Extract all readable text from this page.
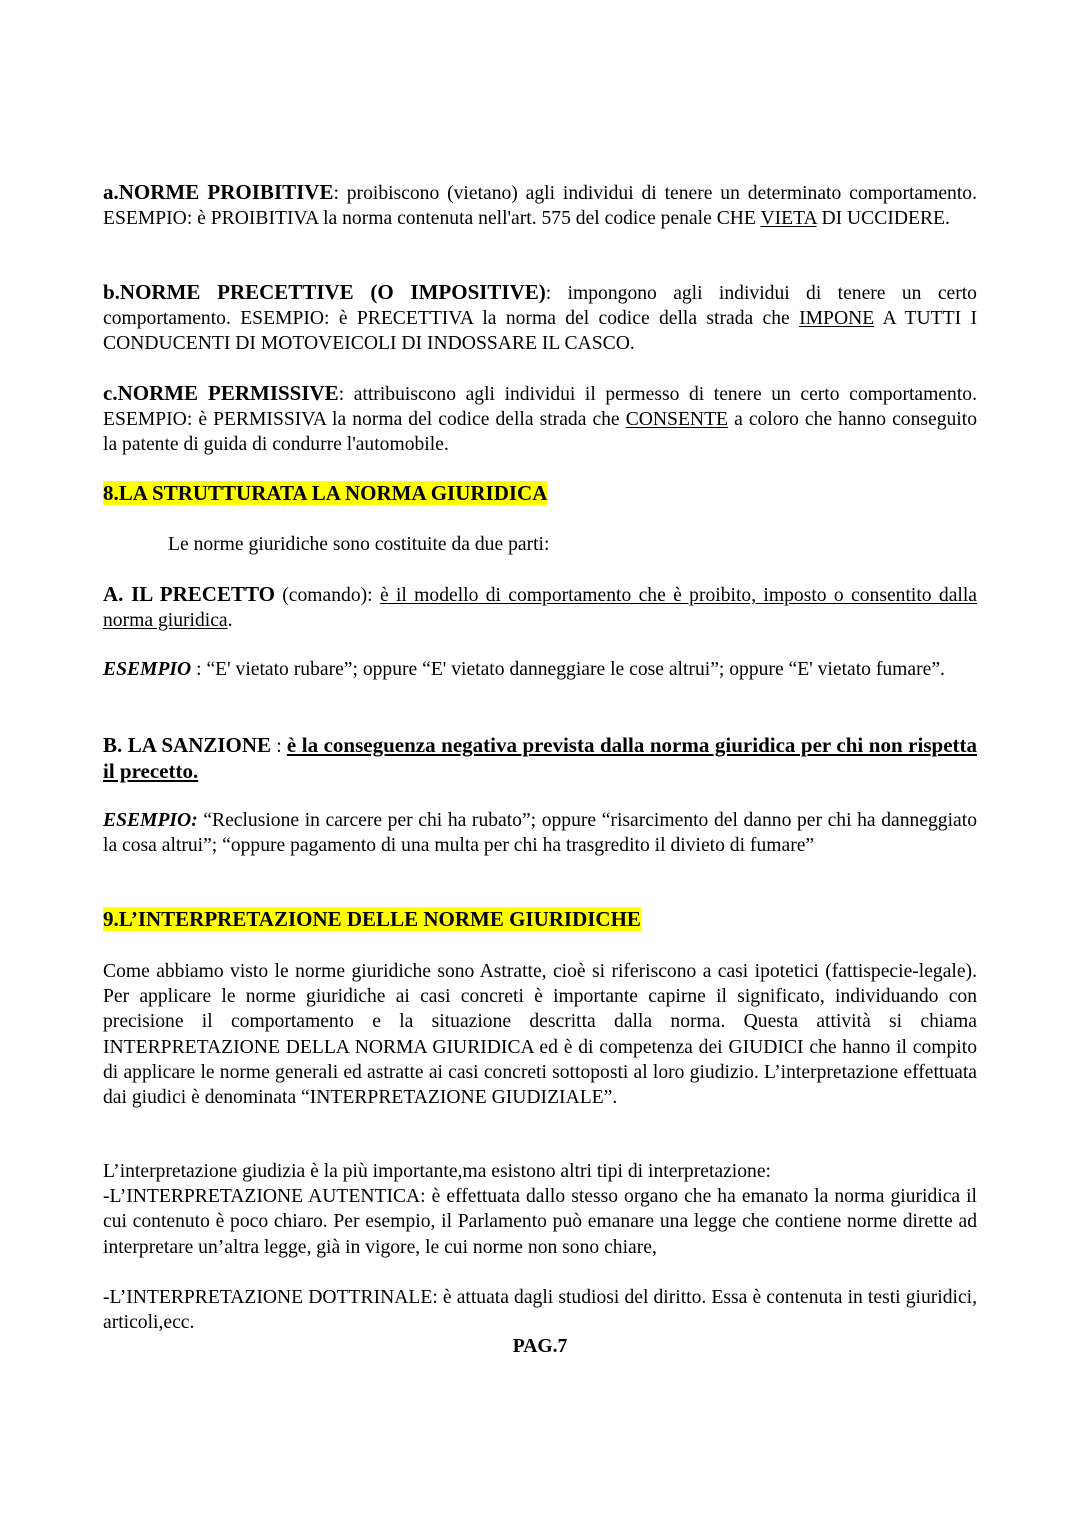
a.NORME PROIBITIVE: proibiscono (vietano) agli individui di tenere un determinato comportamento. ESEMPIO: è PROIBITIVA la norma contenuta nell'art. 575 del codice penale CHE VIETA DI UCCIDERE.
b.NORME PRECETTIVE (O IMPOSITIVE): impongono agli individui di tenere un certo comportamento. ESEMPIO: è PRECETTIVA la norma del codice della strada che IMPONE A TUTTI I CONDUCENTI DI MOTOVEICOLI DI INDOSSARE IL CASCO.
c.NORME PERMISSIVE: attribuiscono agli individui il permesso di tenere un certo comportamento. ESEMPIO: è PERMISSIVA la norma del codice della strada che CONSENTE a coloro che hanno conseguito la patente di guida di condurre l'automobile.
8.LA STRUTTURATA LA NORMA GIURIDICA
Le norme giuridiche sono costituite da due parti:
A. IL PRECETTO (comando): è il modello di comportamento che è proibito, imposto o consentito dalla norma giuridica.
ESEMPIO : “E' vietato rubare”; oppure “E' vietato danneggiare le cose altrui”; oppure “E' vietato fumare”.
B. LA SANZIONE : è la conseguenza negativa prevista dalla norma giuridica per chi non rispetta il precetto.
ESEMPIO: “Reclusione in carcere per chi ha rubato”; oppure “risarcimento del danno per chi ha danneggiato la cosa altrui”; “oppure pagamento di una multa per chi ha trasgredito il divieto di fumare”
9.L’INTERPRETAZIONE DELLE NORME GIURIDICHE
Come abbiamo visto le norme giuridiche sono Astratte, cioè si riferiscono a casi ipotetici (fattispecie-legale). Per applicare le norme giuridiche ai casi concreti è importante capirne il significato, individuando con precisione il comportamento e la situazione descritta dalla norma. Questa attività si chiama INTERPRETAZIONE DELLA NORMA GIURIDICA ed è di competenza dei GIUDICI che hanno il compito di applicare le norme generali ed astratte ai casi concreti sottoposti al loro giudizio. L’interpretazione effettuata dai giudici è denominata “INTERPRETAZIONE GIUDIZIALE”.
L’interpretazione giudizia è la più importante,ma esistono altri tipi di interpretazione:
-L’INTERPRETAZIONE AUTENTICA: è effettuata dallo stesso organo che ha emanato la norma giuridica il cui contenuto è poco chiaro. Per esempio, il Parlamento può emanare una legge che contiene norme dirette ad interpretare un’altra legge, già in vigore, le cui norme non sono chiare,
-L’INTERPRETAZIONE DOTTRINALE: è attuata dagli studiosi del diritto. Essa è contenuta in testi giuridici, articoli,ecc.
PAG.7
